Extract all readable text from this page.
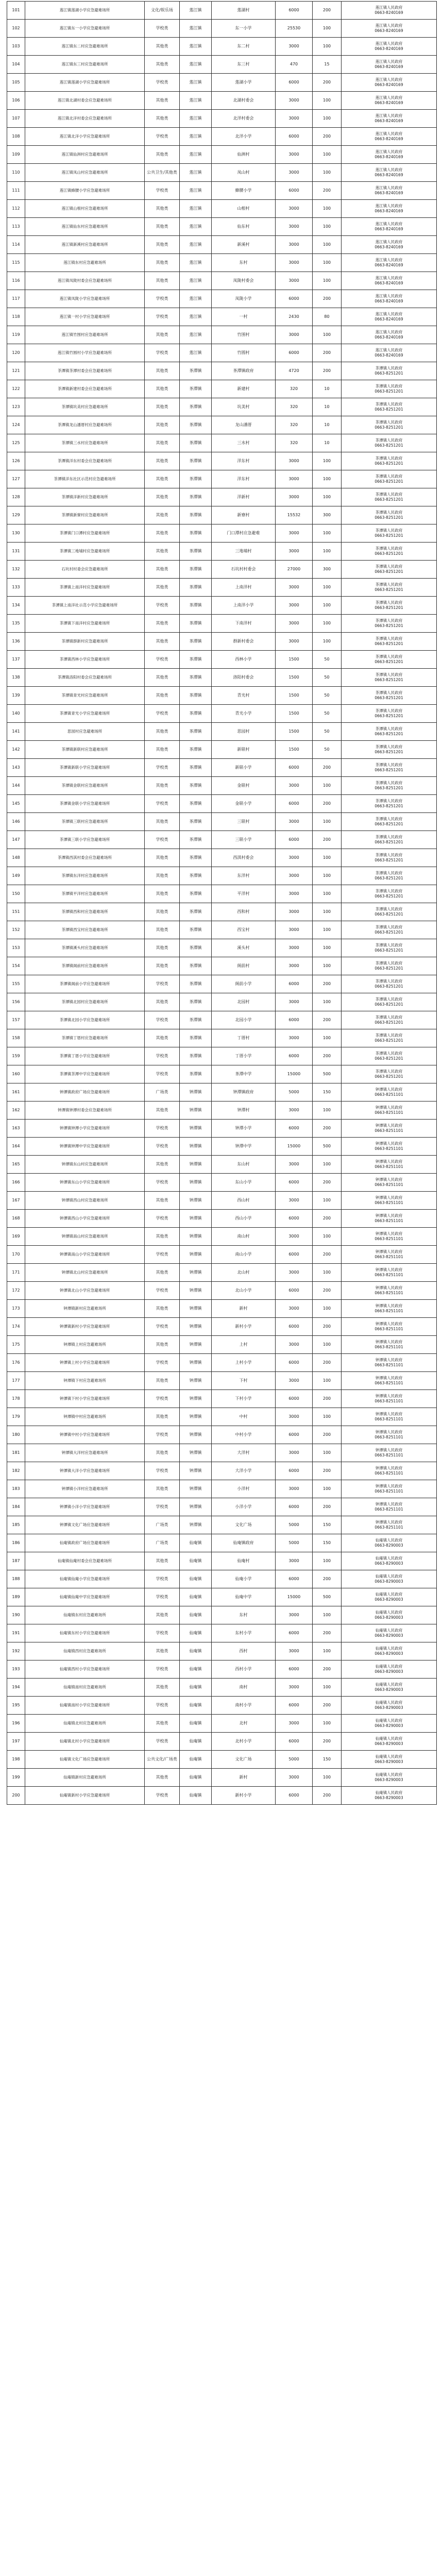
101	莲江镇莲湖小学应急避难场所	文化/娱乐场	莲江镇	莲湖村	6000	200	莲江镇人民政府
0663-8240169
102	莲江镇东一小学应急避难场所	学校类	莲江镇	东一小学	25530	100	莲江镇人民政府
0663-8240169
103	莲江镇东二村应急避难场所	其他类	莲江镇	东二村	3000	100	莲江镇人民政府
0663-8240169
104	莲江镇东三村应急避难场所	其他类	莲江镇	东三村	470	15	莲江镇人民政府
0663-8240169
105	莲江镇莲湖小学应急避难场所	学校类	莲江镇	莲湖小学	6000	200	莲江镇人民政府
0663-8240169
106	莲江镇北湖村委会应急避难场所	其他类	莲江镇	北湖村委会	3000	100	莲江镇人民政府
0663-8240169
107	莲江镇北洋村委会应急避难场所	其他类	莲江镇	北洋村委会	3000	100	莲江镇人民政府
0663-8240169
108	莲江镇北洋小学应急避难场所	学校类	莲江镇	北洋小学	6000	200	莲江镇人民政府
0663-8240169
109	莲江镇仙洲村应急避难场所	其他类	莲江镇	仙洲村	3000	100	莲江镇人民政府
0663-8240169
110	莲江镇凤山村应急避难场所	公共卫生/其他类	莲江镇	凤山村	3000	100	莲江镇人民政府
0663-8240169
111	莲江镇蜂腰小学应急避难场所	学校类	莲江镇	蜂腰小学	6000	200	莲江镇人民政府
0663-8240169
112	莲江镇山根村应急避难场所	其他类	莲江镇	山根村	3000	100	莲江镇人民政府
0663-8240169
113	莲江镇仙东村应急避难场所	其他类	莲江镇	仙东村	3000	100	莲江镇人民政府
0663-8240169
114	莲江镇新溪村应急避难场所	其他类	莲江镇	新溪村	3000	100	莲江镇人民政府
0663-8240169
115	莲江镇东村应急避难场所	其他类	莲江镇	东村	3000	100	莲江镇人民政府
0663-8240169
116	莲江镇凤陇村委会应急避难场所	其他类	莲江镇	凤陇村委会	3000	100	莲江镇人民政府
0663-8240169
117	莲江镇凤陇小学应急避难场所	学校类	莲江镇	凤陇小学	6000	200	莲江镇人民政府
0663-8240169
118	莲江镇一村小学应急避难场所	学校类	莲江镇	一村	2430	80	莲江镇人民政府
0663-8240169
119	莲江镇竹围村应急避难场所	其他类	莲江镇	竹围村	3000	100	莲江镇人民政府
0663-8240169
120	莲江镇竹圆村小学应急避难场所	学校类	莲江镇	竹圆村	6000	200	莲江镇人民政府
0663-8240169
121	茶潭镇茶潭村委会应急避难场所	其他类	茶潭镇	茶潭镇政府	4720	200	茶潭镇人民政府
0663-8251201
122	茶潭镇新建村委会应急避难场所	其他类	茶潭镇	新建村	320	10	茶潭镇人民政府
0663-8251201
123	茶潭镇坑美村应急避难场所	其他类	茶潭镇	坑美村	320	10	茶潭镇人民政府
0663-8251201
124	茶潭镇龙山潘厝村应急避难场所	其他类	茶潭镇	龙山潘厝	320	10	茶潭镇人民政府
0663-8251201
125	茶潭镇三水村应急避难场所	其他类	茶潭镇	三水村	320	10	茶潭镇人民政府
0663-8251201
126	茶潭镇洋东村委会应急避难场所	其他类	茶潭镇	洋东村	3000	100	茶潭镇人民政府
0663-8251201
127	茶潭镇洋东社区示范村应急避难场所	其他类	茶潭镇	洋东村	3000	100	茶潭镇人民政府
0663-8251201
128	茶潭镇洋新村应急避难场所	其他类	茶潭镇	洋新村	3000	100	茶潭镇人民政府
0663-8251201
129	茶潭镇新寮村应急避难场所	其他类	茶潭镇	新寮村	15532	300	茶潭镇人民政府
0663-8251201
130	茶潭镇门口潭村应急避难场所	其他类	茶潭镇	门口潭村应急避难	3000	100	茶潭镇人民政府
0663-8251201
131	茶潭镇三地埔村应急避难场所	其他类	茶潭镇	三地埔村	3000	100	茶潭镇人民政府
0663-8251201
132	石坑村村委会应急避难场所	其他类	茶潭镇	石坑村村委会	27000	300	茶潭镇人民政府
0663-8251201
133	茶潭镇上南洋村应急避难场所	其他类	茶潭镇	上南洋村	3000	100	茶潭镇人民政府
0663-8251201
134	茶潭镇上南洋社示范小学应急避难场所	学校类	茶潭镇	上南洋小学	3000	100	茶潭镇人民政府
0663-8251201
135	茶潭镇下南洋村应急避难场所	其他类	茶潭镇	下南洋村	3000	100	茶潭镇人民政府
0663-8251201
136	茶潭镇群新村应急避难场所	其他类	茶潭镇	群新村委会	3000	100	茶潭镇人民政府
0663-8251201
137	茶潭镇西林小学应急避难场所	学校类	茶潭镇	西林小学	1500	50	茶潭镇人民政府
0663-8251201
138	茶潭镇洛阳村委会应急避难场所	其他类	茶潭镇	洛阳村委会	1500	50	茶潭镇人民政府
0663-8251201
139	茶潭镇青光村应急避难场所	其他类	茶潭镇	青光村	1500	50	茶潭镇人民政府
0663-8251201
140	茶潭镇青光小学应急避难场所	学校类	茶潭镇	青光小学	1500	50	茶潭镇人民政府
0663-8251201
141	思园村应急避难场所	其他类	茶潭镇	思园村	1500	50	茶潭镇人民政府
0663-8251201
142	茶潭镇新联村应急避难场所	其他类	茶潭镇	新联村	1500	50	茶潭镇人民政府
0663-8251201
143	茶潭镇新联小学应急避难场所	学校类	茶潭镇	新联小学	6000	200	茶潭镇人民政府
0663-8251201
144	茶潭镇金联村应急避难场所	其他类	茶潭镇	金联村	3000	100	茶潭镇人民政府
0663-8251201
145	茶潭镇金联小学应急避难场所	学校类	茶潭镇	金联小学	6000	200	茶潭镇人民政府
0663-8251201
146	茶潭镇三联村应急避难场所	其他类	茶潭镇	三联村	3000	100	茶潭镇人民政府
0663-8251201
147	茶潭镇三联小学应急避难场所	学校类	茶潭镇	三联小学	6000	200	茶潭镇人民政府
0663-8251201
148	茶潭镇西淇村委会应急避难场所	其他类	茶潭镇	西淇村委会	3000	100	茶潭镇人民政府
0663-8251201
149	茶潭镇东洋村应急避难场所	其他类	茶潭镇	东洋村	3000	100	茶潭镇人民政府
0663-8251201
150	茶潭镇平洋村应急避难场所	其他类	茶潭镇	平洋村	3000	100	茶潭镇人民政府
0663-8251201
151	茶潭镇西和村应急避难场所	其他类	茶潭镇	西和村	3000	100	茶潭镇人民政府
0663-8251201
152	茶潭镇西宝村应急避难场所	其他类	茶潭镇	西宝村	3000	100	茶潭镇人民政府
0663-8251201
153	茶潭镇溪头村应急避难场所	其他类	茶潭镇	溪头村	3000	100	茶潭镇人民政府
0663-8251201
154	茶潭镇阁前村应急避难场所	其他类	茶潭镇	阁前村	3000	100	茶潭镇人民政府
0663-8251201
155	茶潭镇阁前小学应急避难场所	学校类	茶潭镇	阁前小学	6000	200	茶潭镇人民政府
0663-8251201
156	茶潭镇北园村应急避难场所	其他类	茶潭镇	北园村	3000	100	茶潭镇人民政府
0663-8251201
157	茶潭镇北园小学应急避难场所	学校类	茶潭镇	北园小学	6000	200	茶潭镇人民政府
0663-8251201
158	茶潭镇丁厝村应急避难场所	其他类	茶潭镇	丁厝村	3000	100	茶潭镇人民政府
0663-8251201
159	茶潭镇丁厝小学应急避难场所	学校类	茶潭镇	丁厝小学	6000	200	茶潭镇人民政府
0663-8251201
160	茶潭镇茶潭中学应急避难场所	学校类	茶潭镇	茶潭中学	15000	500	茶潭镇人民政府
0663-8251201
161	钟潭镇政府广场应急避难场所	广场类	钟潭镇	钟潭镇政府	5000	150	钟潭镇人民政府
0663-8251101
162	钟潭镇钟潭村委会应急避难场所	其他类	钟潭镇	钟潭村	3000	100	钟潭镇人民政府
0663-8251101
163	钟潭镇钟潭小学应急避难场所	学校类	钟潭镇	钟潭小学	6000	200	钟潭镇人民政府
0663-8251101
164	钟潭镇钟潭中学应急避难场所	学校类	钟潭镇	钟潭中学	15000	500	钟潭镇人民政府
0663-8251101
165	钟潭镇东山村应急避难场所	其他类	钟潭镇	东山村	3000	100	钟潭镇人民政府
0663-8251101
166	钟潭镇东山小学应急避难场所	学校类	钟潭镇	东山小学	6000	200	钟潭镇人民政府
0663-8251101
167	钟潭镇西山村应急避难场所	其他类	钟潭镇	西山村	3000	100	钟潭镇人民政府
0663-8251101
168	钟潭镇西山小学应急避难场所	学校类	钟潭镇	西山小学	6000	200	钟潭镇人民政府
0663-8251101
169	钟潭镇南山村应急避难场所	其他类	钟潭镇	南山村	3000	100	钟潭镇人民政府
0663-8251101
170	钟潭镇南山小学应急避难场所	学校类	钟潭镇	南山小学	6000	200	钟潭镇人民政府
0663-8251101
171	钟潭镇北山村应急避难场所	其他类	钟潭镇	北山村	3000	100	钟潭镇人民政府
0663-8251101
172	钟潭镇北山小学应急避难场所	学校类	钟潭镇	北山小学	6000	200	钟潭镇人民政府
0663-8251101
173	钟潭镇新村应急避难场所	其他类	钟潭镇	新村	3000	100	钟潭镇人民政府
0663-8251101
174	钟潭镇新村小学应急避难场所	学校类	钟潭镇	新村小学	6000	200	钟潭镇人民政府
0663-8251101
175	钟潭镇上村应急避难场所	其他类	钟潭镇	上村	3000	100	钟潭镇人民政府
0663-8251101
176	钟潭镇上村小学应急避难场所	学校类	钟潭镇	上村小学	6000	200	钟潭镇人民政府
0663-8251101
177	钟潭镇下村应急避难场所	其他类	钟潭镇	下村	3000	100	钟潭镇人民政府
0663-8251101
178	钟潭镇下村小学应急避难场所	学校类	钟潭镇	下村小学	6000	200	钟潭镇人民政府
0663-8251101
179	钟潭镇中村应急避难场所	其他类	钟潭镇	中村	3000	100	钟潭镇人民政府
0663-8251101
180	钟潭镇中村小学应急避难场所	学校类	钟潭镇	中村小学	6000	200	钟潭镇人民政府
0663-8251101
181	钟潭镇大洋村应急避难场所	其他类	钟潭镇	大洋村	3000	100	钟潭镇人民政府
0663-8251101
182	钟潭镇大洋小学应急避难场所	学校类	钟潭镇	大洋小学	6000	200	钟潭镇人民政府
0663-8251101
183	钟潭镇小洋村应急避难场所	其他类	钟潭镇	小洋村	3000	100	钟潭镇人民政府
0663-8251101
184	钟潭镇小洋小学应急避难场所	学校类	钟潭镇	小洋小学	6000	200	钟潭镇人民政府
0663-8251101
185	钟潭镇文化广场应急避难场所	广场类	钟潭镇	文化广场	5000	150	钟潭镇人民政府
0663-8251101
186	仙庵镇政府广场应急避难场所	广场类	仙庵镇	仙庵镇政府	5000	150	仙庵镇人民政府
0663-8290003
187	仙庵镇仙庵村委会应急避难场所	其他类	仙庵镇	仙庵村	3000	100	仙庵镇人民政府
0663-8290003
188	仙庵镇仙庵小学应急避难场所	学校类	仙庵镇	仙庵小学	6000	200	仙庵镇人民政府
0663-8290003
189	仙庵镇仙庵中学应急避难场所	学校类	仙庵镇	仙庵中学	15000	500	仙庵镇人民政府
0663-8290003
190	仙庵镇东村应急避难场所	其他类	仙庵镇	东村	3000	100	仙庵镇人民政府
0663-8290003
191	仙庵镇东村小学应急避难场所	学校类	仙庵镇	东村小学	6000	200	仙庵镇人民政府
0663-8290003
192	仙庵镇西村应急避难场所	其他类	仙庵镇	西村	3000	100	仙庵镇人民政府
0663-8290003
193	仙庵镇西村小学应急避难场所	学校类	仙庵镇	西村小学	6000	200	仙庵镇人民政府
0663-8290003
194	仙庵镇南村应急避难场所	其他类	仙庵镇	南村	3000	100	仙庵镇人民政府
0663-8290003
195	仙庵镇南村小学应急避难场所	学校类	仙庵镇	南村小学	6000	200	仙庵镇人民政府
0663-8290003
196	仙庵镇北村应急避难场所	其他类	仙庵镇	北村	3000	100	仙庵镇人民政府
0663-8290003
197	仙庵镇北村小学应急避难场所	学校类	仙庵镇	北村小学	6000	200	仙庵镇人民政府
0663-8290003
198	仙庵镇文化广场应急避难场所	公共文化/广场类	仙庵镇	文化广场	5000	150	仙庵镇人民政府
0663-8290003
199	仙庵镇新村应急避难场所	其他类	仙庵镇	新村	3000	100	仙庵镇人民政府
0663-8290003
200	仙庵镇新村小学应急避难场所	学校类	仙庵镇	新村小学	6000	200	仙庵镇人民政府
0663-8290003
